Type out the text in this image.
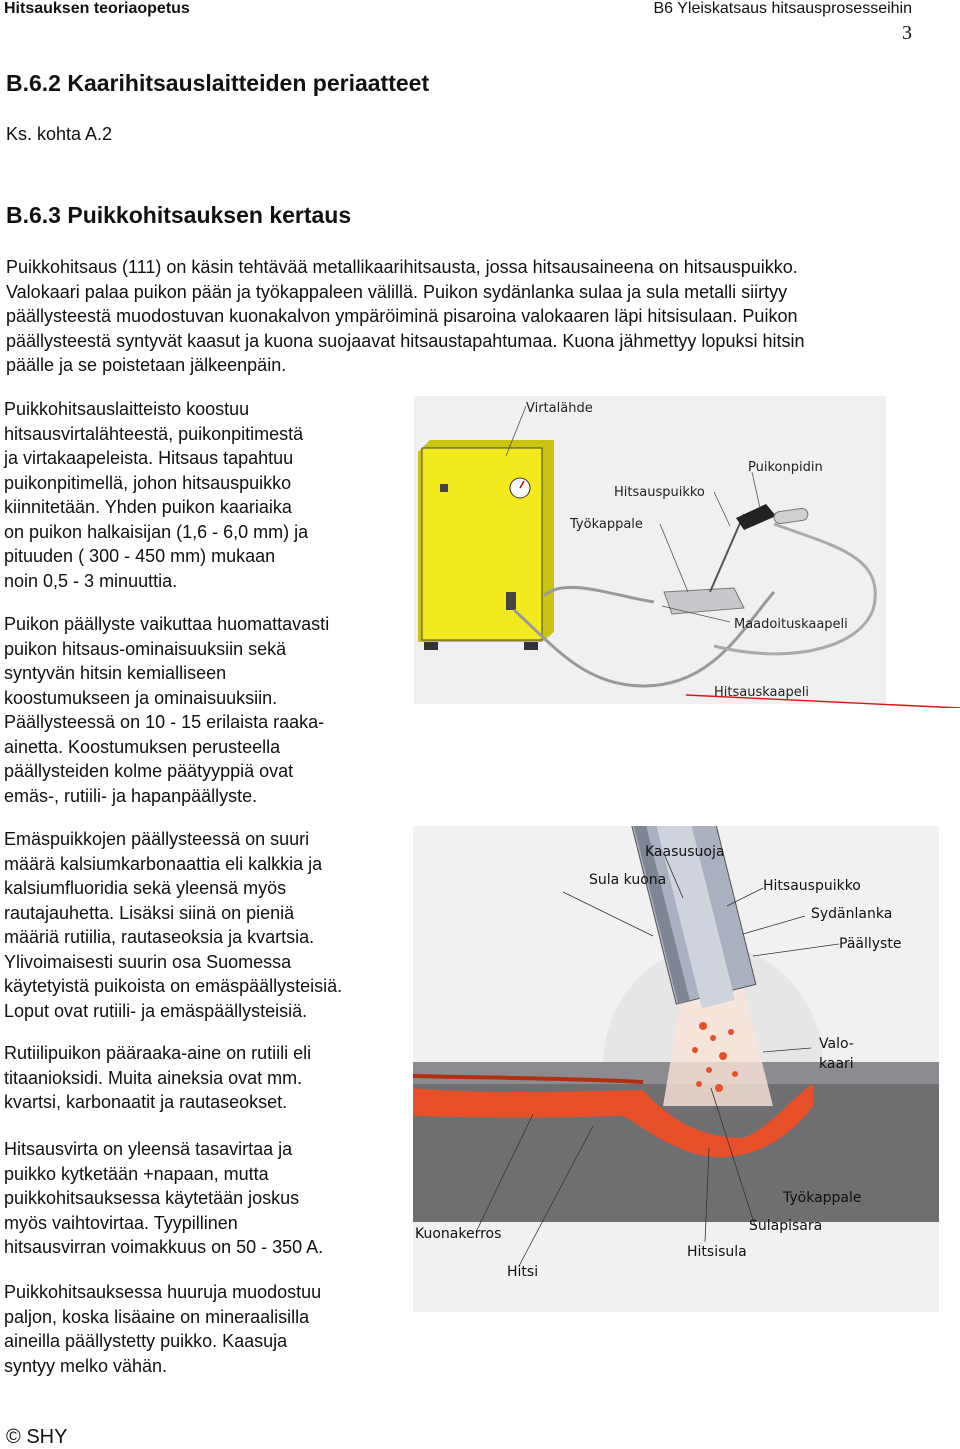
Hitsauksen teoriaopetus	B6 Yleiskatsaus hitsausprosesseihin
3
B.6.2 Kaarihitsauslaitteiden periaatteet
Ks. kohta A.2
B.6.3 Puikkohitsauksen kertaus

Puikkohitsaus (111) on käsin tehtävää metallikaarihitsausta, jossa hitsausaineena on hitsauspuikko.

Valokaari palaa puikon pään ja työkappaleen välillä. Puikon sydänlanka sulaa ja sula metalli siirtyy

päällysteestä muodostuvan kuonakalvon ympäröiminä pisaroina valokaaren läpi hitsisulaan. Puikon

päällysteestä syntyvät kaasut ja kuona suojaavat hitsaustapahtumaa. Kuona jähmettyy lopuksi hitsin

päälle ja se poistetaan jälkeenpäin.

Puikkohitsauslaitteisto koostuu

hitsausvirtalähteestä, puikonpitimestä

ja virtakaapeleista. Hitsaus tapahtuu

puikonpitimellä, johon hitsauspuikko

kiinnitetään. Yhden puikon kaariaika

on puikon halkaisijan (1,6 - 6,0 mm) ja

pituuden ( 300 - 450 mm) mukaan

noin 0,5 - 3 minuuttia.

Puikon päällyste vaikuttaa huomattavasti

puikon hitsaus-ominaisuuksiin sekä

syntyvän hitsin kemialliseen

koostumukseen ja ominaisuuksiin.

Päällysteessä on 10 - 15 erilaista raaka-

ainetta. Koostumuksen perusteella

päällysteiden kolme päätyyppiä ovat

emäs-, rutiili- ja hapanpäällyste.

Emäspuikkojen päällysteessä on suuri

määrä kalsiumkarbonaattia eli kalkkia ja

kalsiumfluoridia sekä yleensä myös

rautajauhetta. Lisäksi siinä on pieniä

määriä rutiilia, rautaseoksia ja kvartsia.

Ylivoimaisesti suurin osa Suomessa

käytetyistä puikoista on emäspäällysteisiä.

Loput ovat rutiili- ja emäspäällysteisiä.

Rutiilipuikon pääraaka-aine on rutiili eli

titaanioksidi. Muita aineksia ovat mm.

kvartsi, karbonaatit ja rautaseokset.

Hitsausvirta on yleensä tasavirtaa ja

puikko kytketään +napaan, mutta

puikkohitsauksessa käytetään joskus

myös vaihtovirtaa. Tyypillinen

hitsausvirran voimakkuus on 50 - 350 A.

Puikkohitsauksessa huuruja muodostuu

paljon, koska lisäaine on mineraalisilla

aineilla päällystetty puikko. Kaasuja

syntyy melko vähän.

Virtalähde
Puikonpidin
Hitsauspuikko
Työkappale
Maadoituskaapeli
Hitsauskaapeli
Kaasusuoja
Sula kuona	Hitsauspuikko
Sydänlanka
Päällyste
Valo-
kaari
Työkappale
Sulapisara
Kuonakerros
Hitsisula
Hitsi
© SHY
